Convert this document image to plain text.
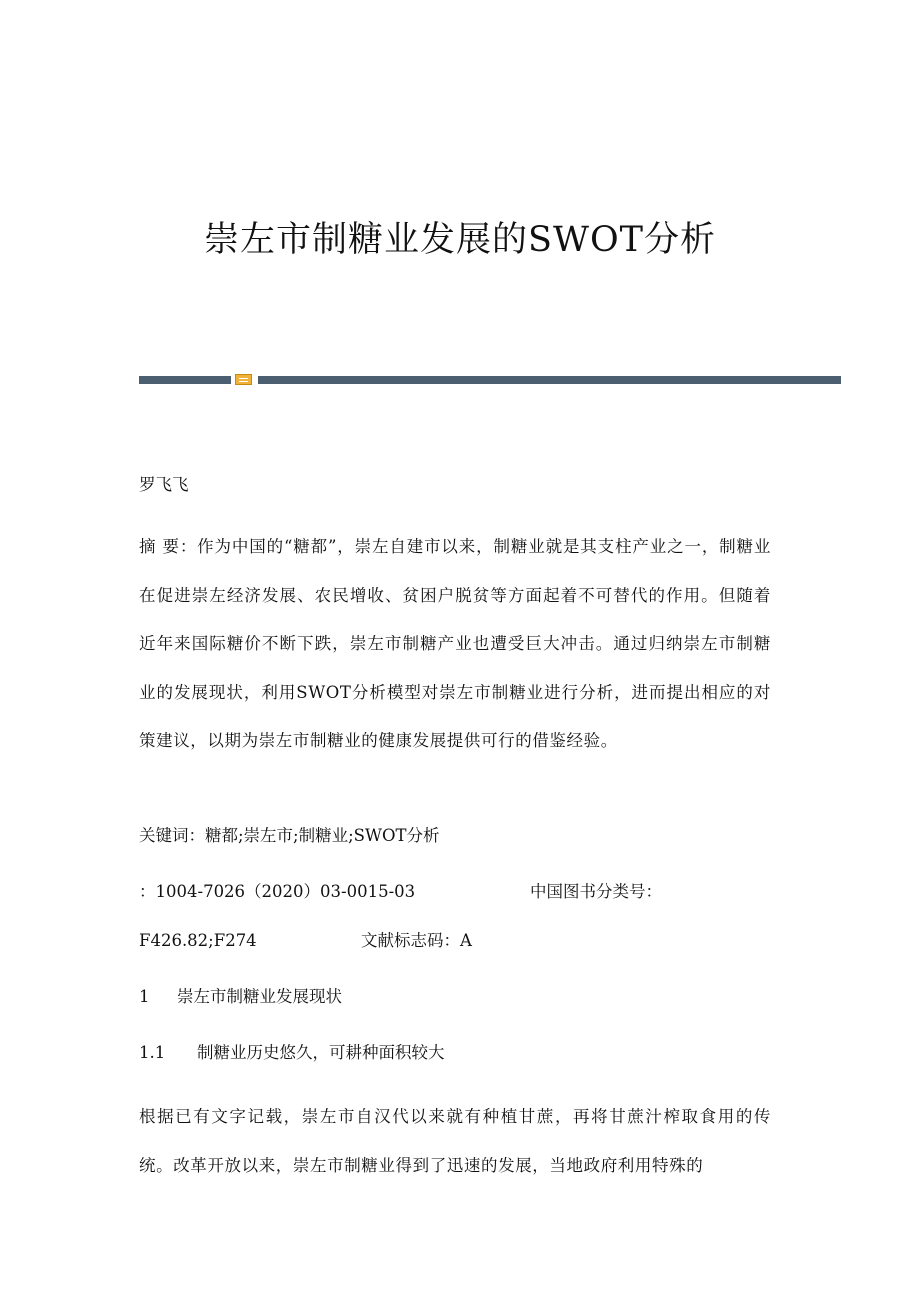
崇左市制糖业发展的SWOT分析

罗飞飞

摘 要：作为中国的“糖都”，崇左自建市以来，制糖业就是其支柱产业之一，制糖业在促进崇左经济发展、农民增收、贫困户脱贫等方面起着不可替代的作用。但随着近年来国际糖价不断下跌，崇左市制糖产业也遭受巨大冲击。通过归纳崇左市制糖业的发展现状，利用SWOT分析模型对崇左市制糖业进行分析，进而提出相应的对策建议，以期为崇左市制糖业的健康发展提供可行的借鉴经验。

关键词：糖都;崇左市;制糖业;SWOT分析

：1004-7026（2020）03-0015-03	中国图书分类号：

F426.82;F274	文献标志码：A

1 崇左市制糖业发展现状

1.1 制糖业历史悠久，可耕种面积较大

根据已有文字记载，崇左市自汉代以来就有种植甘蔗，再将甘蔗汁榨取食用的传统。改革开放以来，崇左市制糖业得到了迅速的发展，当地政府利用特殊的
